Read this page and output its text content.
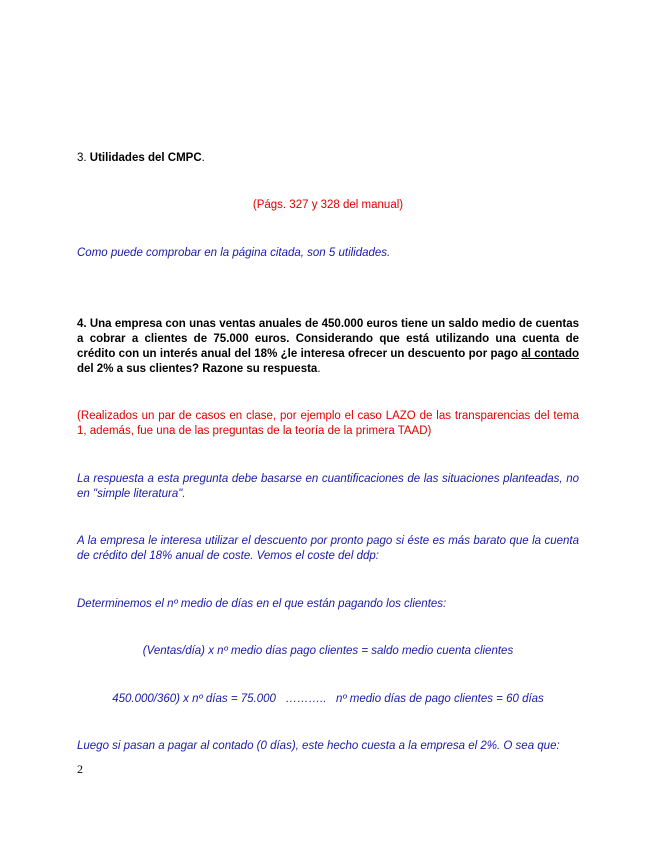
3. Utilidades del CMPC.

(Págs. 327 y 328 del manual)

Como puede comprobar en la página citada, son 5 utilidades.

4. Una empresa con unas ventas anuales de 450.000 euros tiene un saldo medio de cuentas a cobrar a clientes de 75.000 euros. Considerando que está utilizando una cuenta de crédito con un interés anual del 18% ¿le interesa ofrecer un descuento por pago al contado del 2% a sus clientes? Razone su respuesta.

(Realizados un par de casos en clase, por ejemplo el caso LAZO de las transparencias del tema 1, además, fue una de las preguntas de la teoría de la primera TAAD)

La respuesta a esta pregunta debe basarse en cuantificaciones de las situaciones planteadas, no en "simple literatura".

A la empresa le interesa utilizar el descuento por pronto pago si éste es más barato que la cuenta de crédito del 18% anual de coste. Vemos el coste del ddp:

Determinemos el nº medio de días en el que están pagando los clientes:

(Ventas/día) x nº medio días pago clientes = saldo medio cuenta clientes

450.000/360) x nº días = 75.000   ………..   nº medio días de pago clientes = 60 días

Luego si pasan a pagar al contado (0 días), este hecho cuesta a la empresa el 2%. O sea que:

2
